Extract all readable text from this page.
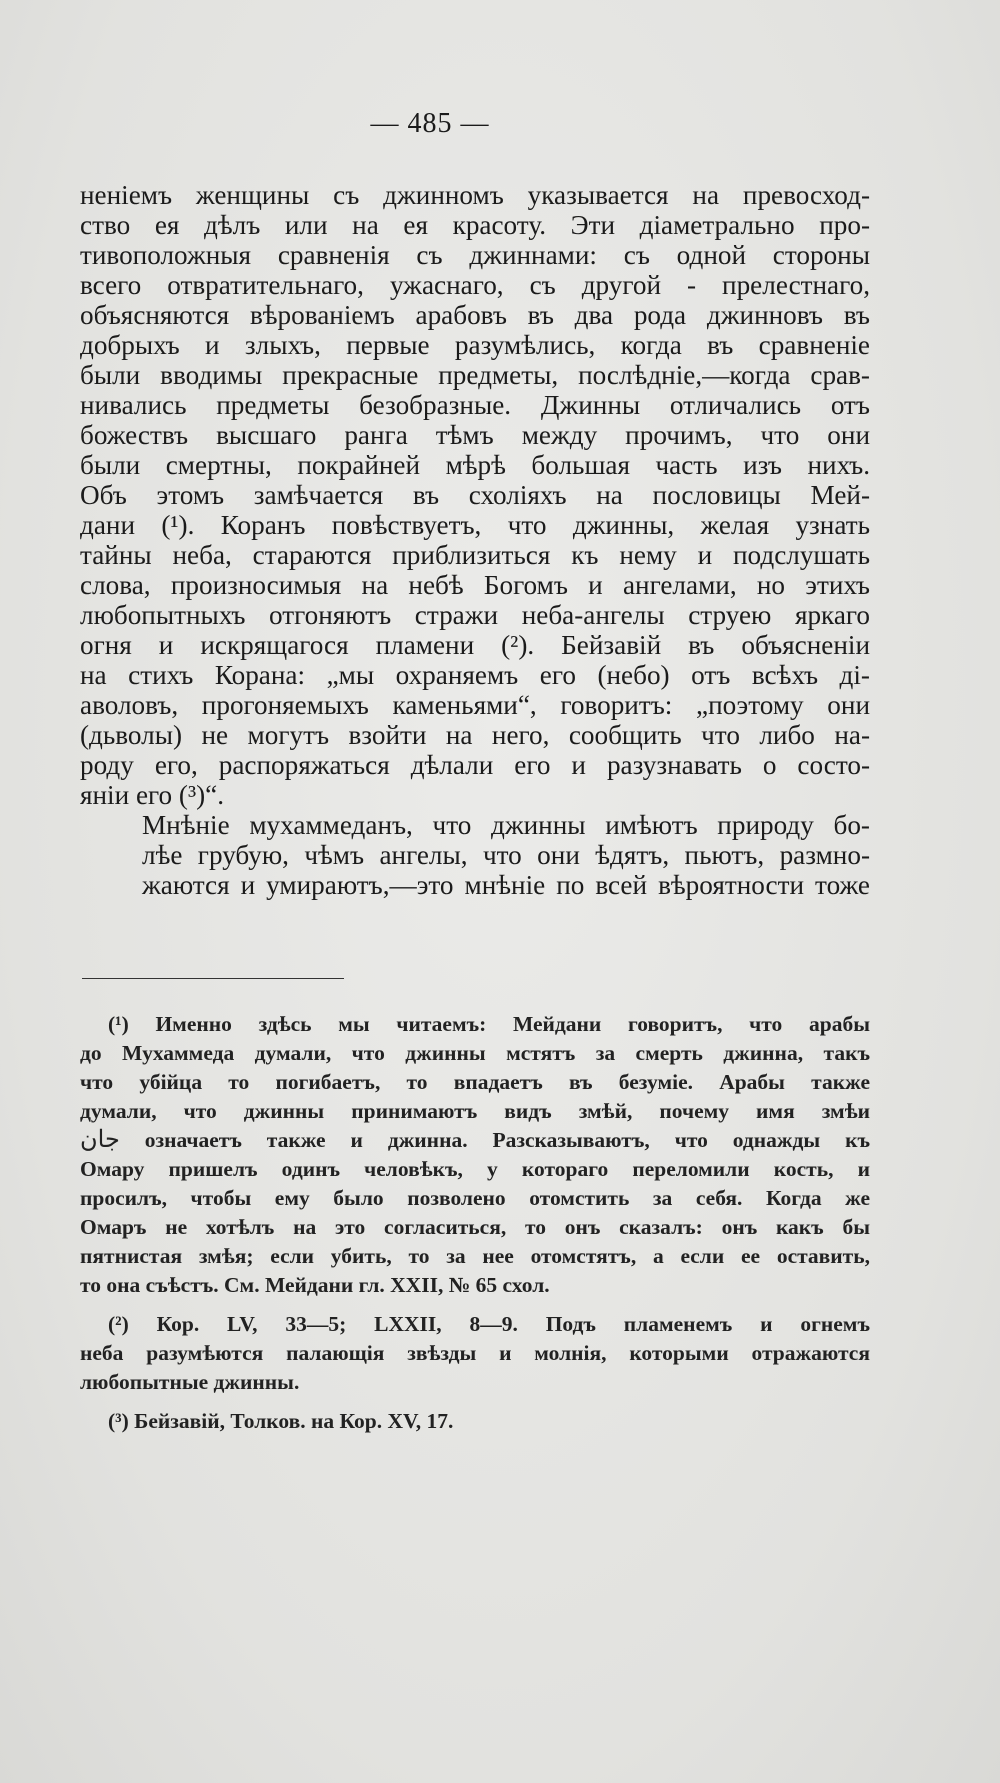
— 485 —

неніемъ женщины съ джинномъ указывается на превосход-
ство ея дѣлъ или на ея красоту. Эти діаметрально про-
тивоположныя сравненія съ джиннами: съ одной стороны
всего отвратительнаго, ужаснаго, съ другой - прелестнаго,
объясняются вѣрованіемъ арабовъ въ два рода джинновъ въ
добрыхъ и злыхъ, первые разумѣлись, когда въ сравненіе
были вводимы прекрасные предметы, послѣдніе,—когда срав-
нивались предметы безобразные. Джинны отличались отъ
божествъ высшаго ранга тѣмъ между прочимъ, что они
были смертны, покрайней мѣрѣ большая часть изъ нихъ.
Объ этомъ замѣчается въ схоліяхъ на пословицы Мей-
дани (¹). Коранъ повѣствуетъ, что джинны, желая узнать
тайны неба, стараются приблизиться къ нему и подслушать
слова, произносимыя на небѣ Богомъ и ангелами, но этихъ
любопытныхъ отгоняютъ стражи неба-ангелы струею яркаго
огня и искрящагося пламени (²). Бейзавій въ объясненіи
на стихъ Корана: „мы охраняемъ его (небо) отъ всѣхъ ді-
аволовъ, прогоняемыхъ каменьями“, говоритъ: „поэтому они
(дьволы) не могутъ взойти на него, сообщить что либо на-
роду его, распоряжаться дѣлали его и разузнавать о состо-
яніи его (³)“.

Мнѣніе мухаммеданъ, что джинны имѣютъ природу бо-
лѣе грубую, чѣмъ ангелы, что они ѣдятъ, пьютъ, размно-
жаются и умираютъ,—это мнѣніе по всей вѣроятности тоже

(¹) Именно здѣсь мы читаемъ: Мейдани говоритъ, что арабы
до Мухаммеда думали, что джинны мстятъ за смерть джинна, такъ
что убійца то погибаетъ, то впадаетъ въ безуміе. Арабы также
думали, что джинны принимаютъ видъ змѣй, почему имя змѣи
جان означаетъ также и джинна. Разсказываютъ, что однажды къ
Омару пришелъ одинъ человѣкъ, у котораго переломили кость, и
просилъ, чтобы ему было позволено отомстить за себя. Когда же
Омаръ не хотѣлъ на это согласиться, то онъ сказалъ: онъ какъ бы
пятнистая змѣя; если убить, то за нее отомстятъ, а если ее оставить,
то она съѣстъ. См. Мейдани гл. XXII, № 65 схол.
(²) Кор. LV, 33—5; LXXII, 8—9. Подъ пламенемъ и огнемъ
неба разумѣются палающія звѣзды и молнія, которыми отражаются
любопытные джинны.
(³) Бейзавій, Толков. на Кор. XV, 17.
